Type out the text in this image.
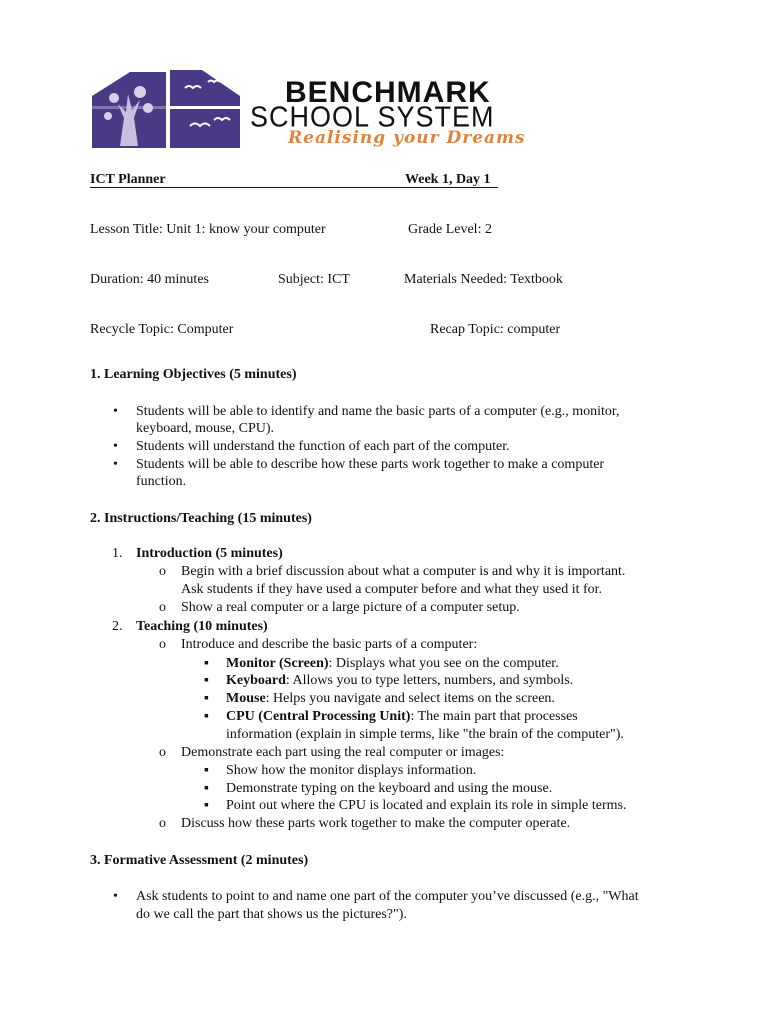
BENCHMARK
SCHOOL SYSTEM
Realising your Dreams
ICT Planner	Week 1, Day 1
Lesson Title: Unit 1: know your computer	Grade Level: 2
Duration: 40 minutes	Subject: ICT	Materials Needed: Textbook
Recycle Topic: Computer	Recap Topic: computer
1. Learning Objectives (5 minutes)
• Students will be able to identify and name the basic parts of a computer (e.g., monitor,
keyboard, mouse, CPU).
• Students will understand the function of each part of the computer.
• Students will be able to describe how these parts work together to make a computer
function.
2. Instructions/Teaching (15 minutes)
1. Introduction (5 minutes)
o Begin with a brief discussion about what a computer is and why it is important.
Ask students if they have used a computer before and what they used it for.
o Show a real computer or a large picture of a computer setup.
2. Teaching (10 minutes)
o Introduce and describe the basic parts of a computer:
▪ Monitor (Screen): Displays what you see on the computer.
▪ Keyboard: Allows you to type letters, numbers, and symbols.
▪ Mouse: Helps you navigate and select items on the screen.
▪ CPU (Central Processing Unit): The main part that processes
information (explain in simple terms, like "the brain of the computer").
o Demonstrate each part using the real computer or images:
▪ Show how the monitor displays information.
▪ Demonstrate typing on the keyboard and using the mouse.
▪ Point out where the CPU is located and explain its role in simple terms.
o Discuss how these parts work together to make the computer operate.
3. Formative Assessment (2 minutes)
• Ask students to point to and name one part of the computer you’ve discussed (e.g., "What
do we call the part that shows us the pictures?").
